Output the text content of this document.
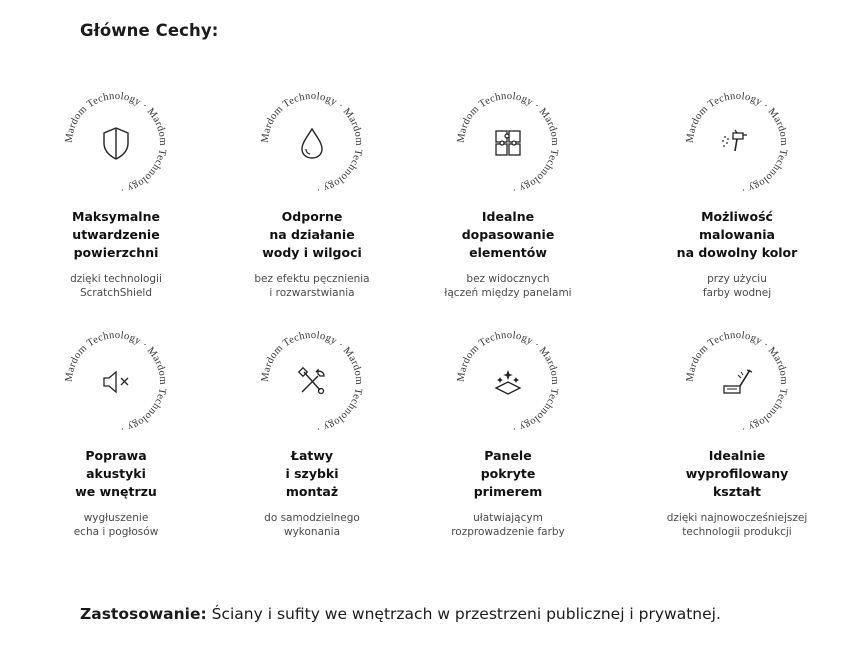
Główne Cechy:
Mardom Technology · Mardom Technology ·
Maksymalne
utwardzenie
powierzchni
dzięki technologii
ScratchShield
Mardom Technology · Mardom Technology ·
Odporne
na działanie
wody i wilgoci
bez efektu pęcznienia
i rozwarstwiania
Mardom Technology · Mardom Technology ·
Idealne
dopasowanie
elementów
bez widocznych
łączeń między panelami
Mardom Technology · Mardom Technology ·
Możliwość
malowania
na dowolny kolor
przy użyciu
farby wodnej
Mardom Technology · Mardom Technology ·
Poprawa
akustyki
we wnętrzu
wygłuszenie
echa i pogłosów
Mardom Technology · Mardom Technology ·
Łatwy
i szybki
montaż
do samodzielnego
wykonania
Mardom Technology · Mardom Technology ·
Panele
pokryte
primerem
ułatwiającym
rozprowadzenie farby
Mardom Technology · Mardom Technology ·
Idealnie
wyprofilowany
kształt
dzięki najnowocześniejszej
technologii produkcji
Zastosowanie: Ściany i sufity we wnętrzach w przestrzeni publicznej i prywatnej.
